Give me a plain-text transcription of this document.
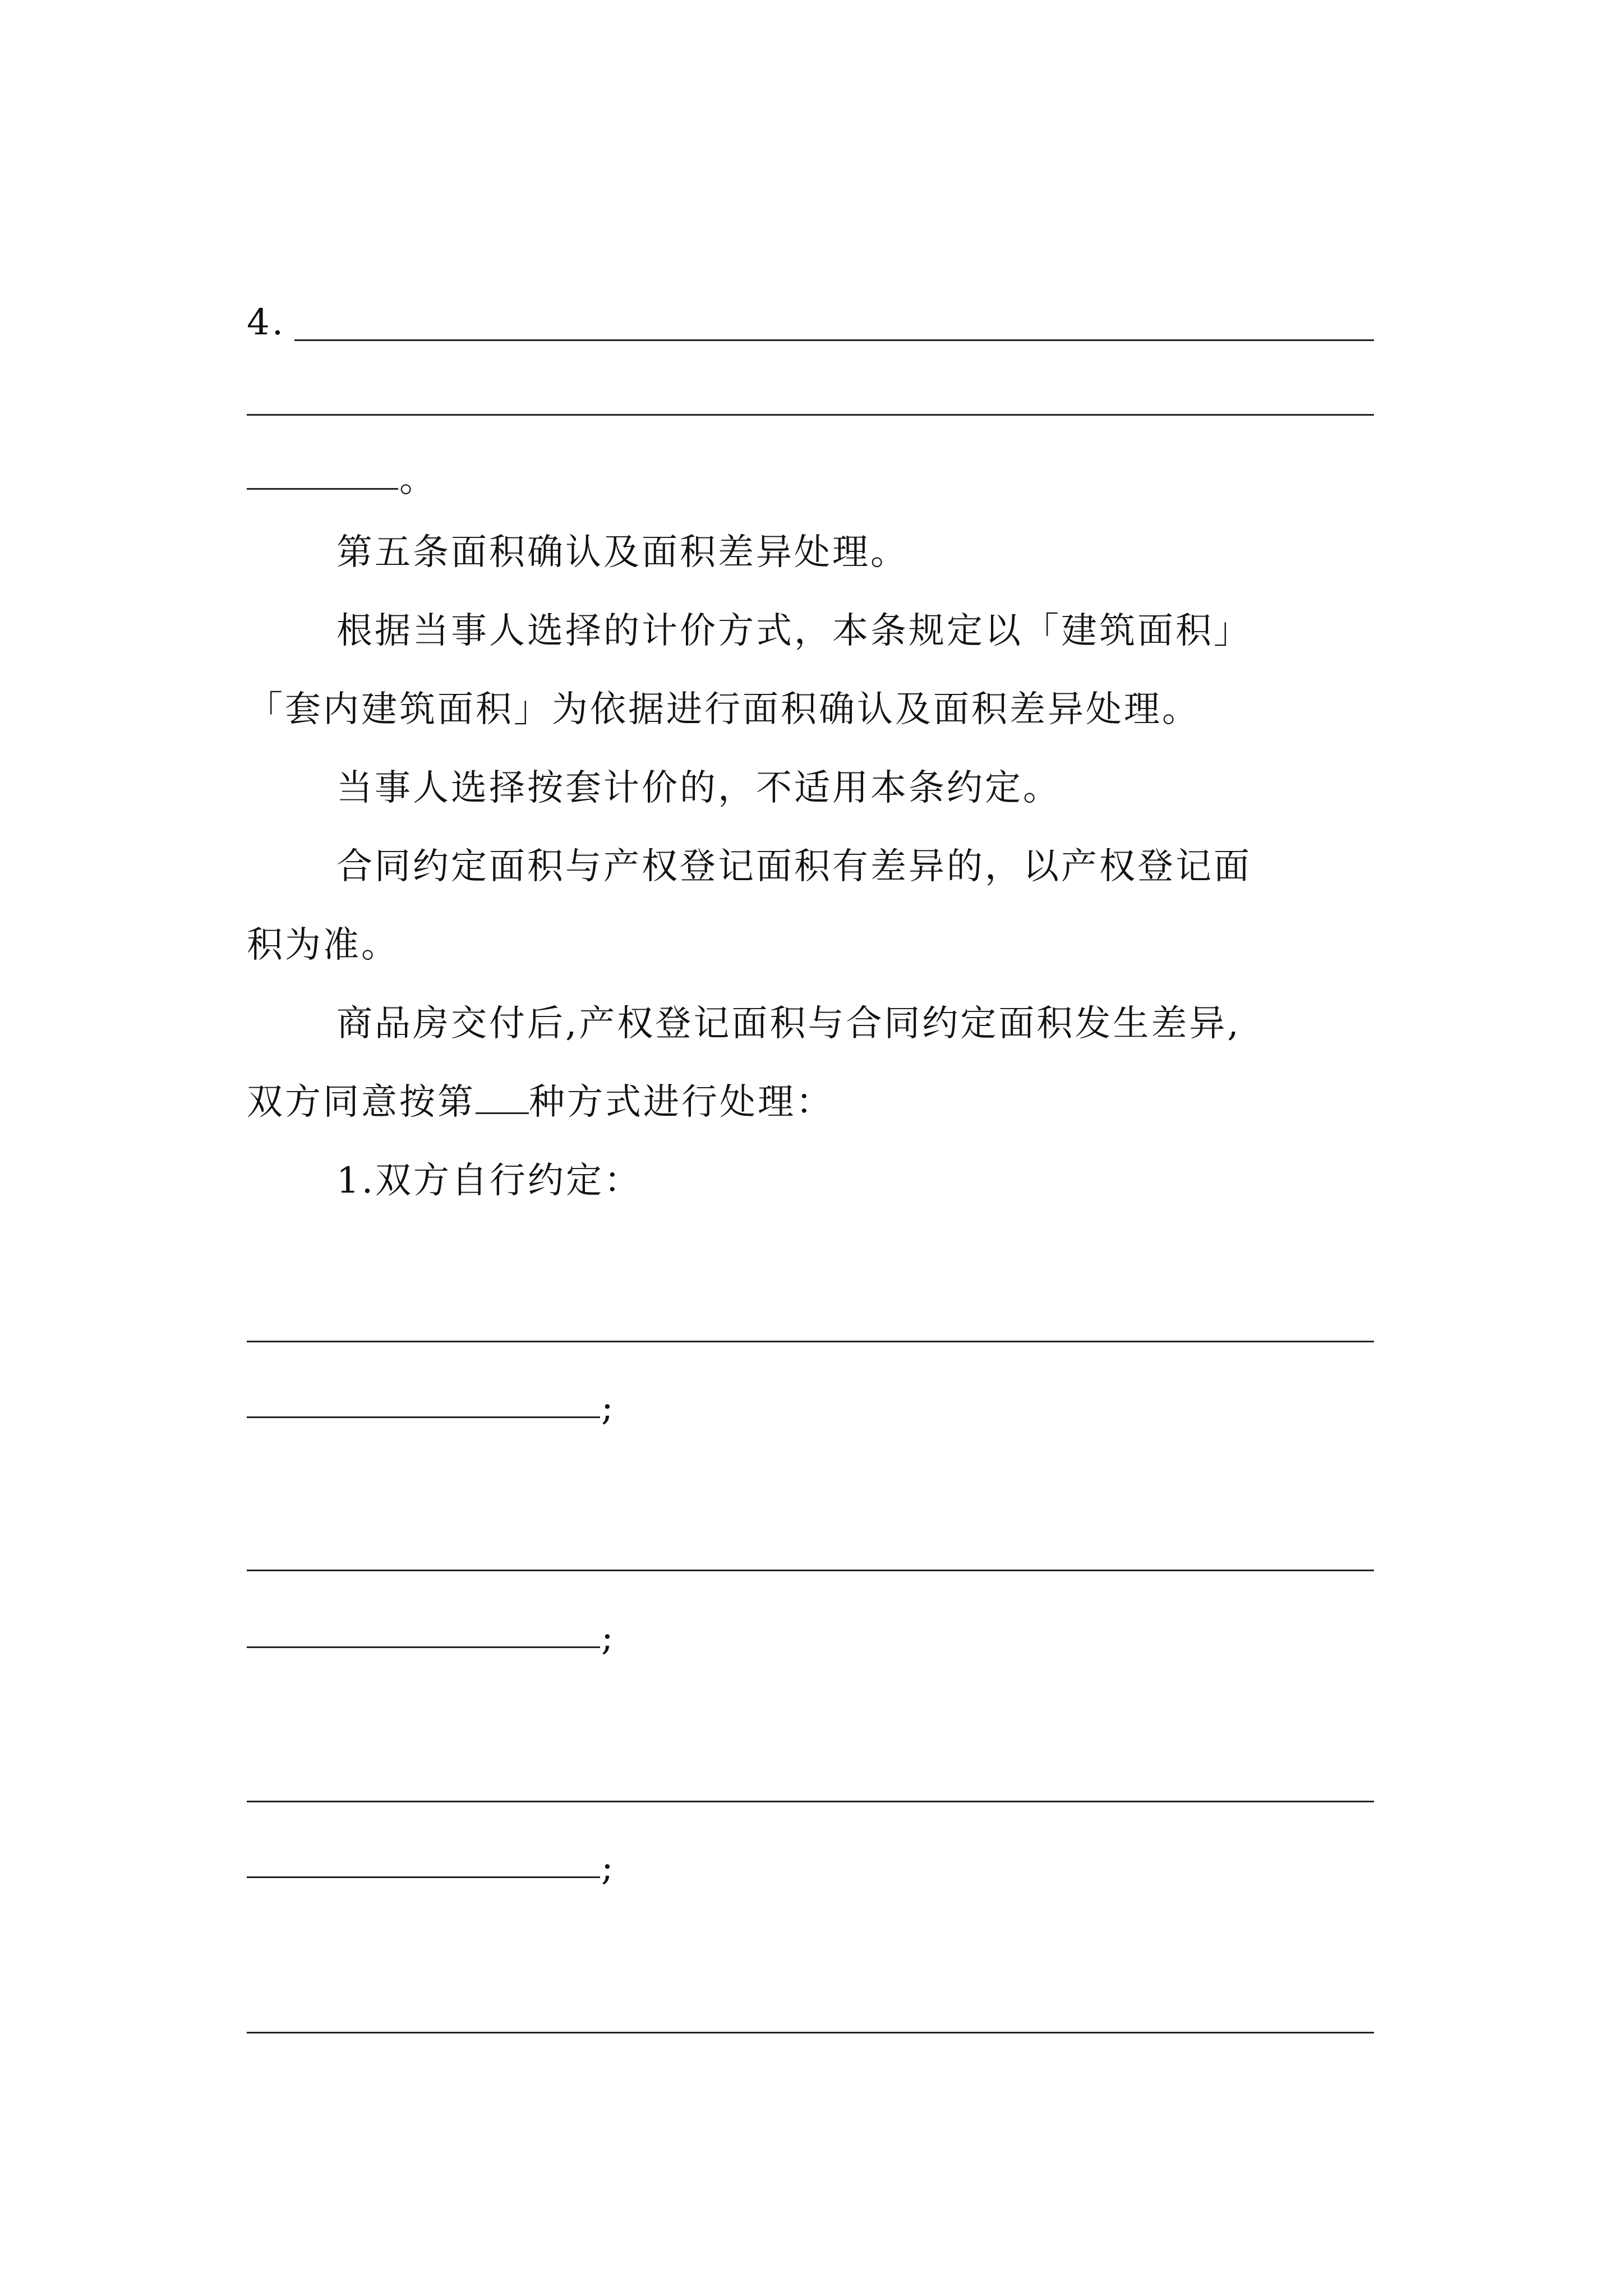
4.
。
第五条面积确认及面积差异处理。
根据当事人选择的计价方式，本条规定以「建筑面积」
「套内建筑面积」为依据进行面积确认及面积差异处理。
当事人选择按套计价的，不适用本条约定。
合同约定面积与产权登记面积有差异的，以产权登记面
积为准。
商品房交付后,产权登记面积与合同约定面积发生差异,
双方同意按第 种方式进行处理：
1.双方自行约定：
;
;
;
